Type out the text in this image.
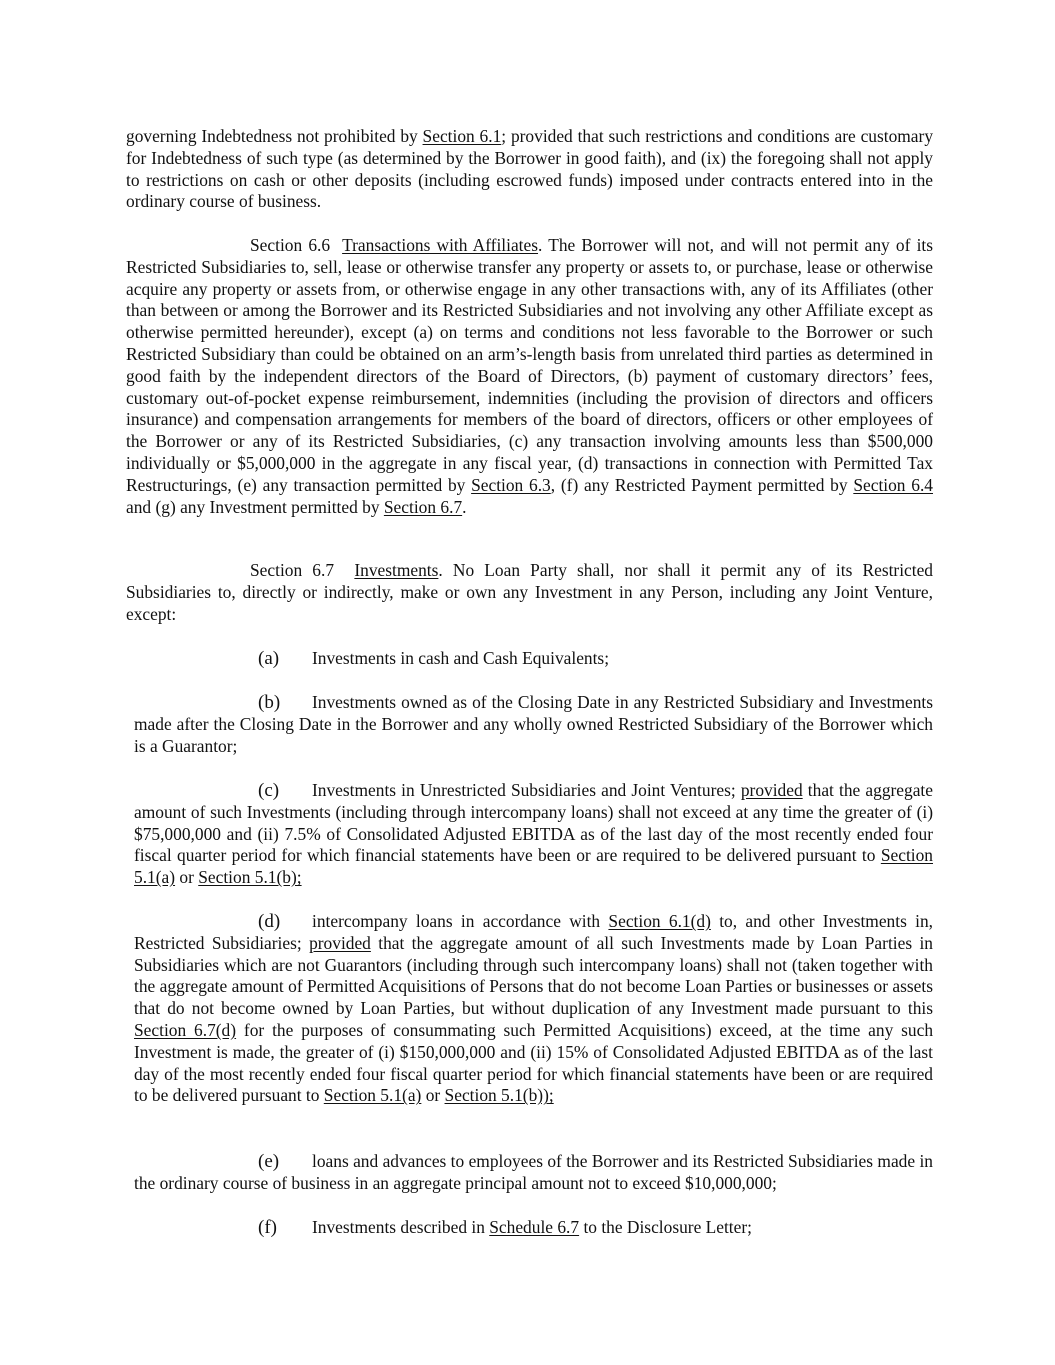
governing Indebtedness not prohibited by Section 6.1; provided that such restrictions and conditions are customary for Indebtedness of such type (as determined by the Borrower in good faith), and (ix) the foregoing shall not apply to restrictions on cash or other deposits (including escrowed funds) imposed under contracts entered into in the ordinary course of business.
Section 6.6 Transactions with Affiliates. The Borrower will not, and will not permit any of its Restricted Subsidiaries to, sell, lease or otherwise transfer any property or assets to, or purchase, lease or otherwise acquire any property or assets from, or otherwise engage in any other transactions with, any of its Affiliates (other than between or among the Borrower and its Restricted Subsidiaries and not involving any other Affiliate except as otherwise permitted hereunder), except (a) on terms and conditions not less favorable to the Borrower or such Restricted Subsidiary than could be obtained on an arm’s-length basis from unrelated third parties as determined in good faith by the independent directors of the Board of Directors, (b) payment of customary directors’ fees, customary out-of-pocket expense reimbursement, indemnities (including the provision of directors and officers insurance) and compensation arrangements for members of the board of directors, officers or other employees of the Borrower or any of its Restricted Subsidiaries, (c) any transaction involving amounts less than $500,000 individually or $5,000,000 in the aggregate in any fiscal year, (d) transactions in connection with Permitted Tax Restructurings, (e) any transaction permitted by Section 6.3, (f) any Restricted Payment permitted by Section 6.4 and (g) any Investment permitted by Section 6.7.
Section 6.7 Investments. No Loan Party shall, nor shall it permit any of its Restricted Subsidiaries to, directly or indirectly, make or own any Investment in any Person, including any Joint Venture, except:
(a) Investments in cash and Cash Equivalents;
(b) Investments owned as of the Closing Date in any Restricted Subsidiary and Investments made after the Closing Date in the Borrower and any wholly owned Restricted Subsidiary of the Borrower which is a Guarantor;
(c) Investments in Unrestricted Subsidiaries and Joint Ventures; provided that the aggregate amount of such Investments (including through intercompany loans) shall not exceed at any time the greater of (i) $75,000,000 and (ii) 7.5% of Consolidated Adjusted EBITDA as of the last day of the most recently ended four fiscal quarter period for which financial statements have been or are required to be delivered pursuant to Section 5.1(a) or Section 5.1(b);
(d) intercompany loans in accordance with Section 6.1(d) to, and other Investments in, Restricted Subsidiaries; provided that the aggregate amount of all such Investments made by Loan Parties in Subsidiaries which are not Guarantors (including through such intercompany loans) shall not (taken together with the aggregate amount of Permitted Acquisitions of Persons that do not become Loan Parties or businesses or assets that do not become owned by Loan Parties, but without duplication of any Investment made pursuant to this Section 6.7(d) for the purposes of consummating such Permitted Acquisitions) exceed, at the time any such Investment is made, the greater of (i) $150,000,000 and (ii) 15% of Consolidated Adjusted EBITDA as of the last day of the most recently ended four fiscal quarter period for which financial statements have been or are required to be delivered pursuant to Section 5.1(a) or Section 5.1(b));
(e) loans and advances to employees of the Borrower and its Restricted Subsidiaries made in the ordinary course of business in an aggregate principal amount not to exceed $10,000,000;
(f) Investments described in Schedule 6.7 to the Disclosure Letter;
